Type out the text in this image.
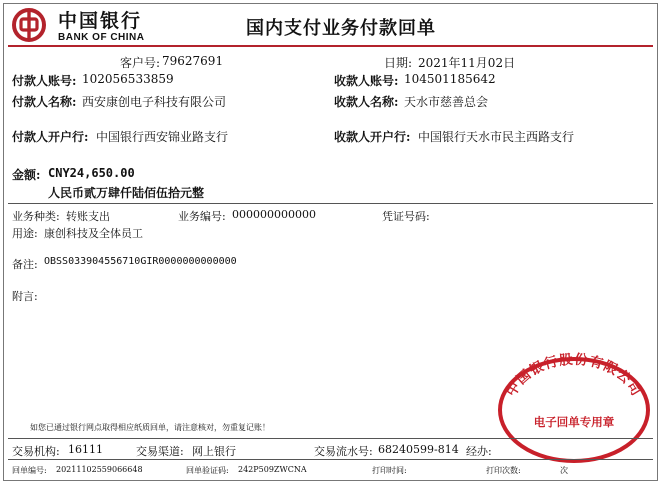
中国银行
BANK OF CHINA	国内支付业务付款回单
客户号: 79627691	日期: 2021年11月02日
付款人账号: 102056533859	收款人账号: 104501185642
付款人名称: 西安康创电子科技有限公司	收款人名称: 天水市慈善总会
付款人开户行: 中国银行西安锦业路支行	收款人开户行: 中国银行天水市民主西路支行
金额: CNY24,650.00
人民币贰万肆仟陆佰伍拾元整
业务种类: 转账支出	业务编号: 000000000000	凭证号码:
用途: 康创科技及全体员工
备注: OBSS033904556710GIR0000000000000
附言:
如您已通过银行网点取得相应纸质回单，请注意核对，勿重复记账！
中国银行股份有限公司
电子回单专用章
交易机构: 16111	交易渠道: 网上银行	交易流水号: 68240599-814 经办:
回单编号: 20211102559066648	回单验证码: 242P509ZWCNA	打印时间:	打印次数:	次
